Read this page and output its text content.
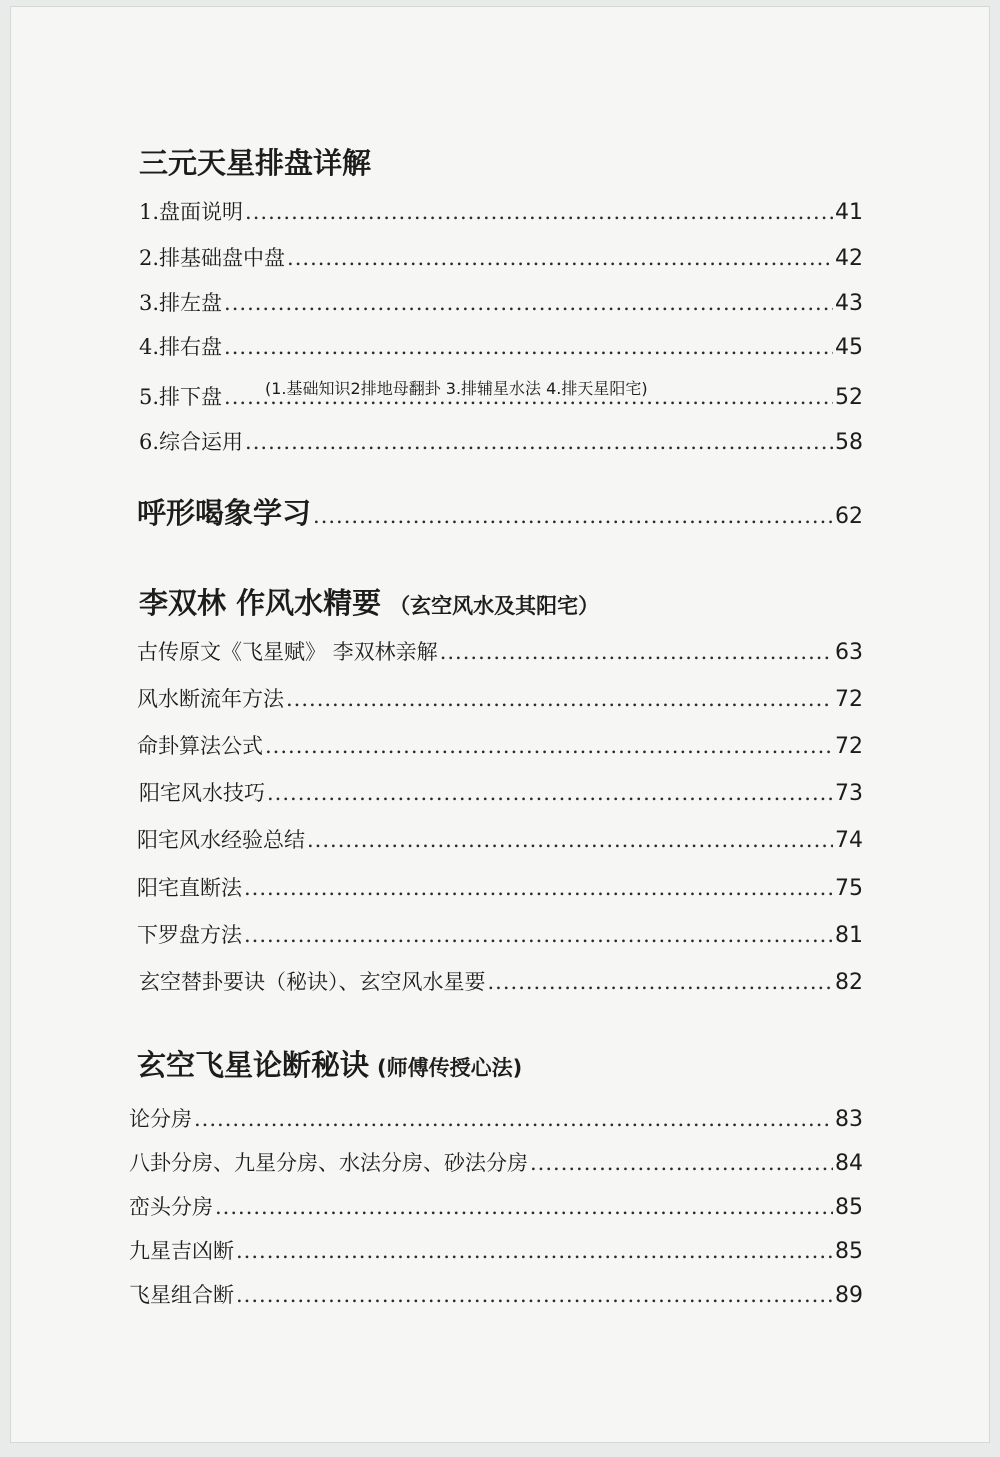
三元天星排盘详解
1.盘面说明 .....	41
2.排基础盘中盘 .....	42
3.排左盘 .....	43
4.排右盘 .....	45
(1.基础知识2排地母翻卦 3.排辅星水法 4.排天星阳宅)
5.排下盘 .....	52
6.综合运用 .....	58
呼形喝象学习 .....	62
李双林 作风水精要 （玄空风水及其阳宅）
古传原文《飞星赋》 李双林亲解 .....	63
风水断流年方法 .....	72
命卦算法公式 .....	72
阳宅风水技巧 .....	73
阳宅风水经验总结 .....	74
阳宅直断法 .....	75
下罗盘方法 .....	81
玄空替卦要诀（秘诀）、玄空风水星要 .....	82
玄空飞星论断秘诀 (师傅传授心法)
论分房 .....	83
八卦分房、九星分房、水法分房、砂法分房 .....	84
峦头分房 .....	85
九星吉凶断 .....	85
飞星组合断 .....	89
